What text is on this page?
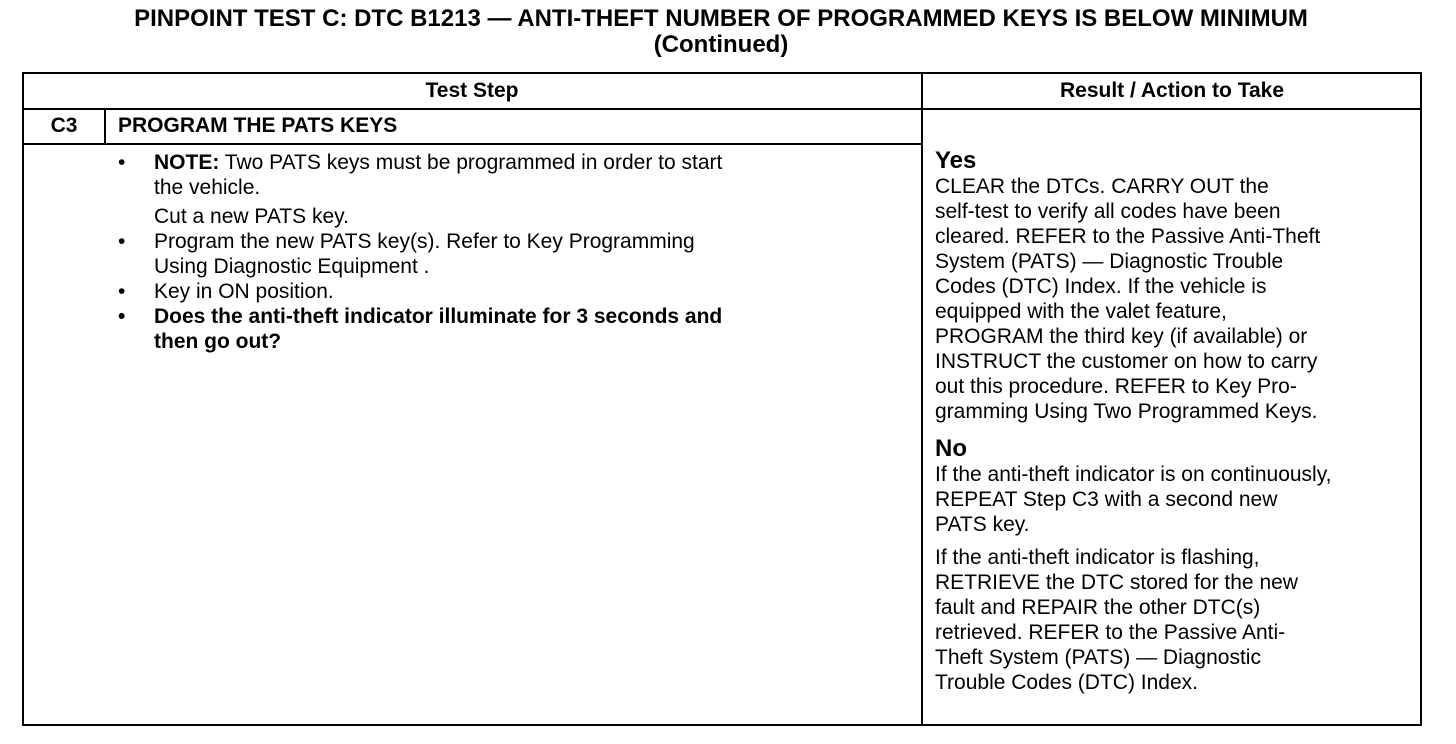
PINPOINT TEST C: DTC B1213 — ANTI-THEFT NUMBER OF PROGRAMMED KEYS IS BELOW MINIMUM
(Continued)
Test Step	Result / Action to Take
C3	PROGRAM THE PATS KEYS
• NOTE: Two PATS keys must be programmed in order to start
the vehicle.
Cut a new PATS key.
• Program the new PATS key(s). Refer to Key Programming
Using Diagnostic Equipment .
• Key in ON position.
• Does the anti-theft indicator illuminate for 3 seconds and
then go out?
Yes
CLEAR the DTCs. CARRY OUT the
self-test to verify all codes have been
cleared. REFER to the Passive Anti-Theft
System (PATS) — Diagnostic Trouble
Codes (DTC) Index. If the vehicle is
equipped with the valet feature,
PROGRAM the third key (if available) or
INSTRUCT the customer on how to carry
out this procedure. REFER to Key Pro-
gramming Using Two Programmed Keys.
No
If the anti-theft indicator is on continuously,
REPEAT Step C3 with a second new
PATS key.
If the anti-theft indicator is flashing,
RETRIEVE the DTC stored for the new
fault and REPAIR the other DTC(s)
retrieved. REFER to the Passive Anti-
Theft System (PATS) — Diagnostic
Trouble Codes (DTC) Index.
